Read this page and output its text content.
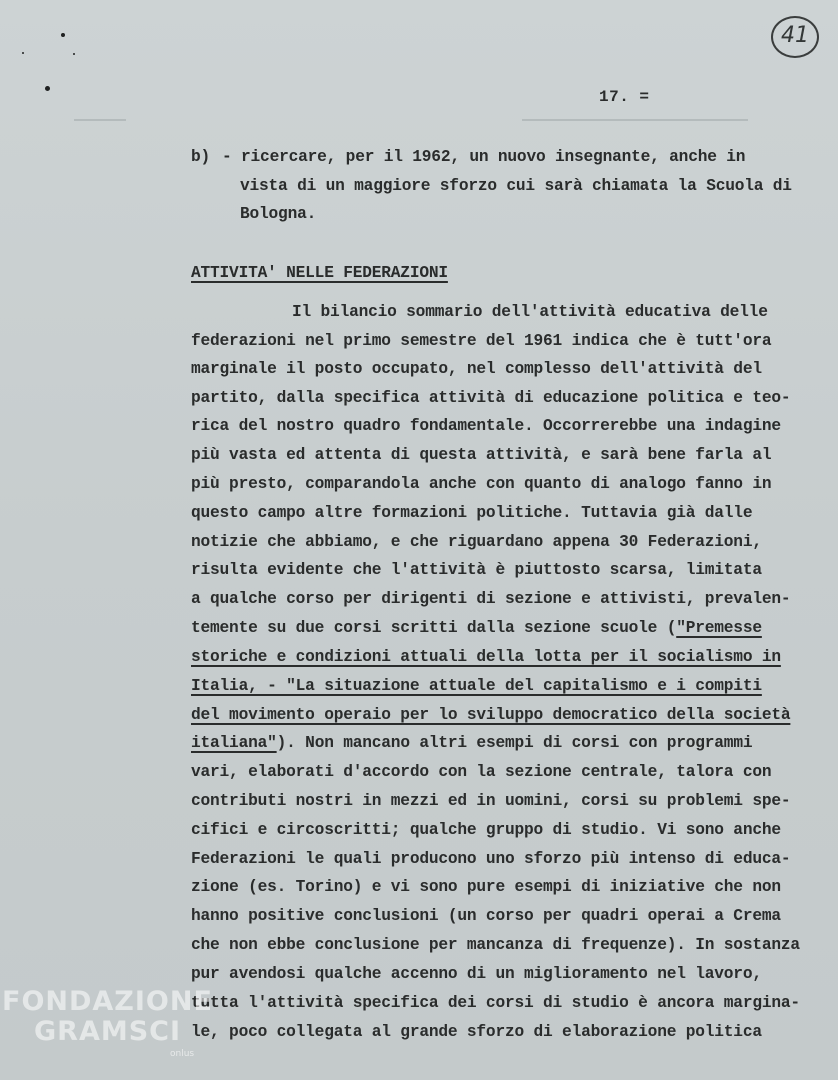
41
17. =
b) - ricercare, per il 1962, un nuovo insegnante, anche in
vista di un maggiore sforzo cui sarà chiamata la Scuola di
Bologna.
ATTIVITA' NELLE FEDERAZIONI
Il bilancio sommario dell'attività educativa delle
federazioni nel primo semestre del 1961 indica che è tutt'ora
marginale il posto occupato, nel complesso dell'attività del
partito, dalla specifica attività di educazione politica e teo-
rica del nostro quadro fondamentale. Occorrerebbe una indagine
più vasta ed attenta di questa attività, e sarà bene farla al
più presto, comparandola anche con quanto di analogo fanno in
questo campo altre formazioni politiche. Tuttavia già dalle
notizie che abbiamo, e che riguardano appena 30 Federazioni,
risulta evidente che l'attività è piuttosto scarsa, limitata
a qualche corso per dirigenti di sezione e attivisti, prevalen-
temente su due corsi scritti dalla sezione scuole ("Premesse
storiche e condizioni attuali della lotta per il socialismo in
Italia, - "La situazione attuale del capitalismo e i compiti
del movimento operaio per lo sviluppo democratico della società
italiana"). Non mancano altri esempi di corsi con programmi
vari, elaborati d'accordo con la sezione centrale, talora con
contributi nostri in mezzi ed in uomini, corsi su problemi spe-
cifici e circoscritti; qualche gruppo di studio. Vi sono anche
Federazioni le quali producono uno sforzo più intenso di educa-
zione (es. Torino) e vi sono pure esempi di iniziative che non
hanno positive conclusioni (un corso per quadri operai a Crema
che non ebbe conclusione per mancanza di frequenze). In sostanza
pur avendosi qualche accenno di un miglioramento nel lavoro,
tutta l'attività specifica dei corsi di studio è ancora margina-
le, poco collegata al grande sforzo di elaborazione politica
FONDAZIONE
GRAMSCI
onlus
